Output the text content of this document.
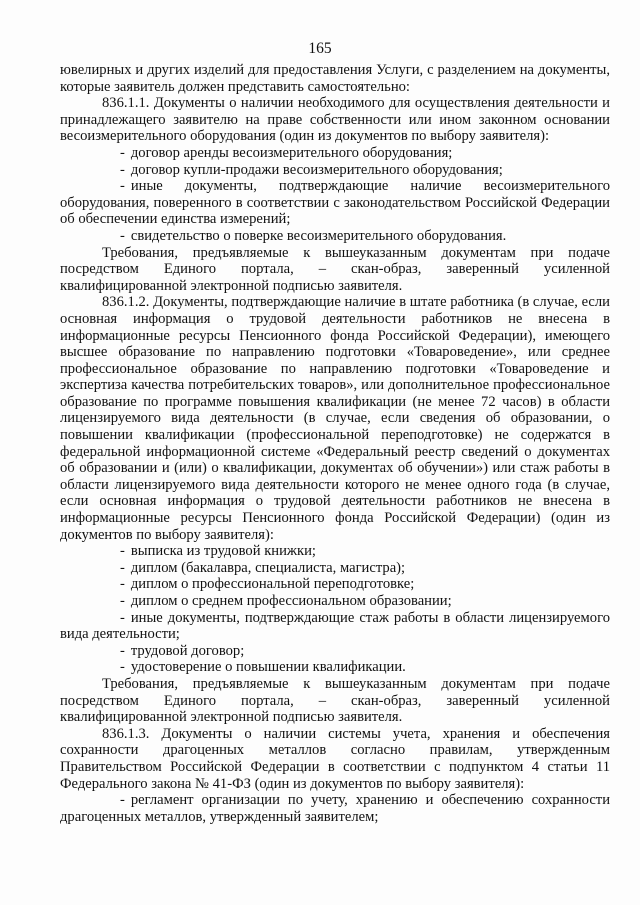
165

ювелирных и других изделий для предоставления Услуги, с разделением на документы, которые заявитель должен представить самостоятельно:

836.1.1. Документы о наличии необходимого для осуществления деятельности и принадлежащего заявителю на праве собственности или ином законном основании весоизмерительного оборудования (один из документов по выбору заявителя):

- договор аренды весоизмерительного оборудования;

- договор купли-продажи весоизмерительного оборудования;

- иные документы, подтверждающие наличие весоизмерительного оборудования, поверенного в соответствии с законодательством Российской Федерации об обеспечении единства измерений;

- свидетельство о поверке весоизмерительного оборудования.

Требования, предъявляемые к вышеуказанным документам при подаче посредством Единого портала, – скан-образ, заверенный усиленной квалифицированной электронной подписью заявителя.

836.1.2. Документы, подтверждающие наличие в штате работника (в случае, если основная информация о трудовой деятельности работников не внесена в информационные ресурсы Пенсионного фонда Российской Федерации), имеющего высшее образование по направлению подготовки «Товароведение», или среднее профессиональное образование по направлению подготовки «Товароведение и экспертиза качества потребительских товаров», или дополнительное профессиональное образование по программе повышения квалификации (не менее 72 часов) в области лицензируемого вида деятельности (в случае, если сведения об образовании, о повышении квалификации (профессиональной переподготовке) не содержатся в федеральной информационной системе «Федеральный реестр сведений о документах об образовании и (или) о квалификации, документах об обучении») или стаж работы в области лицензируемого вида деятельности которого не менее одного года (в случае, если основная информация о трудовой деятельности работников не внесена в информационные ресурсы Пенсионного фонда Российской Федерации) (один из документов по выбору заявителя):

- выписка из трудовой книжки;

- диплом (бакалавра, специалиста, магистра);

- диплом о профессиональной переподготовке;

- диплом о среднем профессиональном образовании;

- иные документы, подтверждающие стаж работы в области лицензируемого вида деятельности;

- трудовой договор;

- удостоверение о повышении квалификации.

Требования, предъявляемые к вышеуказанным документам при подаче посредством Единого портала, – скан-образ, заверенный усиленной квалифицированной электронной подписью заявителя.

836.1.3. Документы о наличии системы учета, хранения и обеспечения сохранности драгоценных металлов согласно правилам, утвержденным Правительством Российской Федерации в соответствии с подпунктом 4 статьи 11 Федерального закона № 41-ФЗ (один из документов по выбору заявителя):

- регламент организации по учету, хранению и обеспечению сохранности драгоценных металлов, утвержденный заявителем;
